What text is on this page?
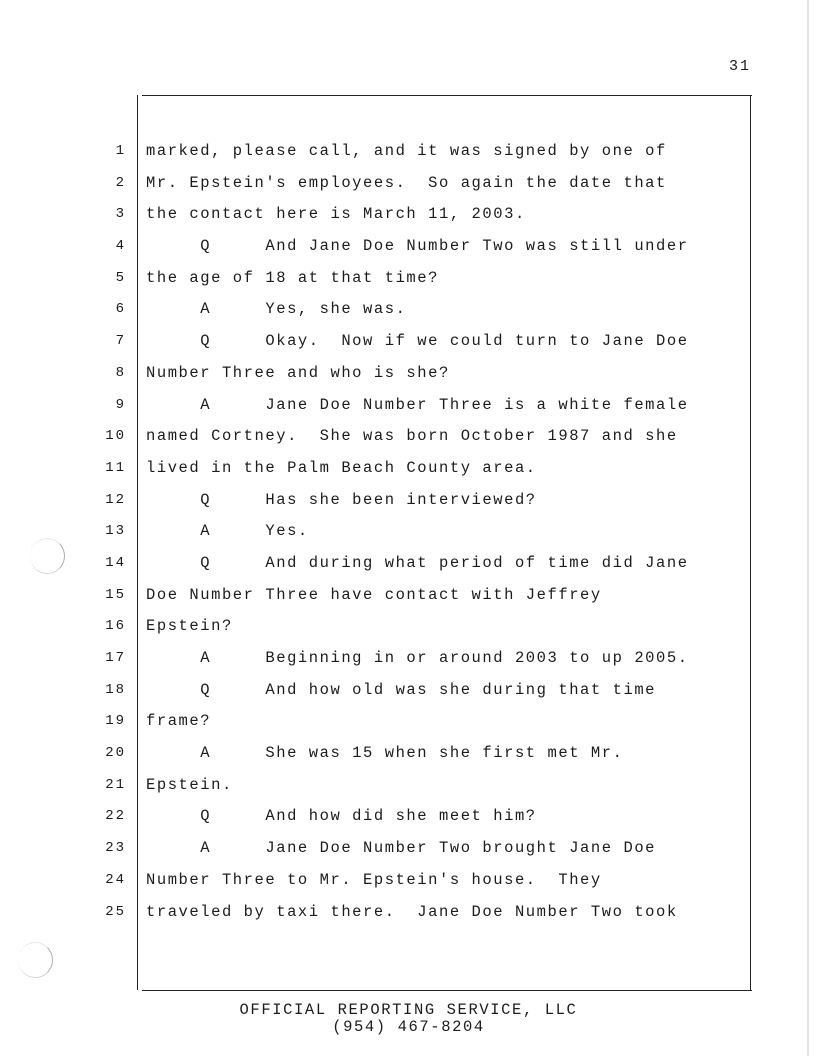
31
1 marked, please call, and it was signed by one of
2 Mr. Epstein's employees.  So again the date that
3 the contact here is March 11, 2003.
4 Q     And Jane Doe Number Two was still under
5 the age of 18 at that time?
6 A     Yes, she was.
7 Q     Okay.  Now if we could turn to Jane Doe
8 Number Three and who is she?
9 A     Jane Doe Number Three is a white female
10 named Cortney.  She was born October 1987 and she
11 lived in the Palm Beach County area.
12 Q     Has she been interviewed?
13 A     Yes.
14 Q     And during what period of time did Jane
15 Doe Number Three have contact with Jeffrey
16 Epstein?
17 A     Beginning in or around 2003 to up 2005.
18 Q     And how old was she during that time
19 frame?
20 A     She was 15 when she first met Mr.
21 Epstein.
22 Q     And how did she meet him?
23 A     Jane Doe Number Two brought Jane Doe
24 Number Three to Mr. Epstein's house.  They
25 traveled by taxi there.  Jane Doe Number Two took
OFFICIAL REPORTING SERVICE, LLC
(954) 467-8204
